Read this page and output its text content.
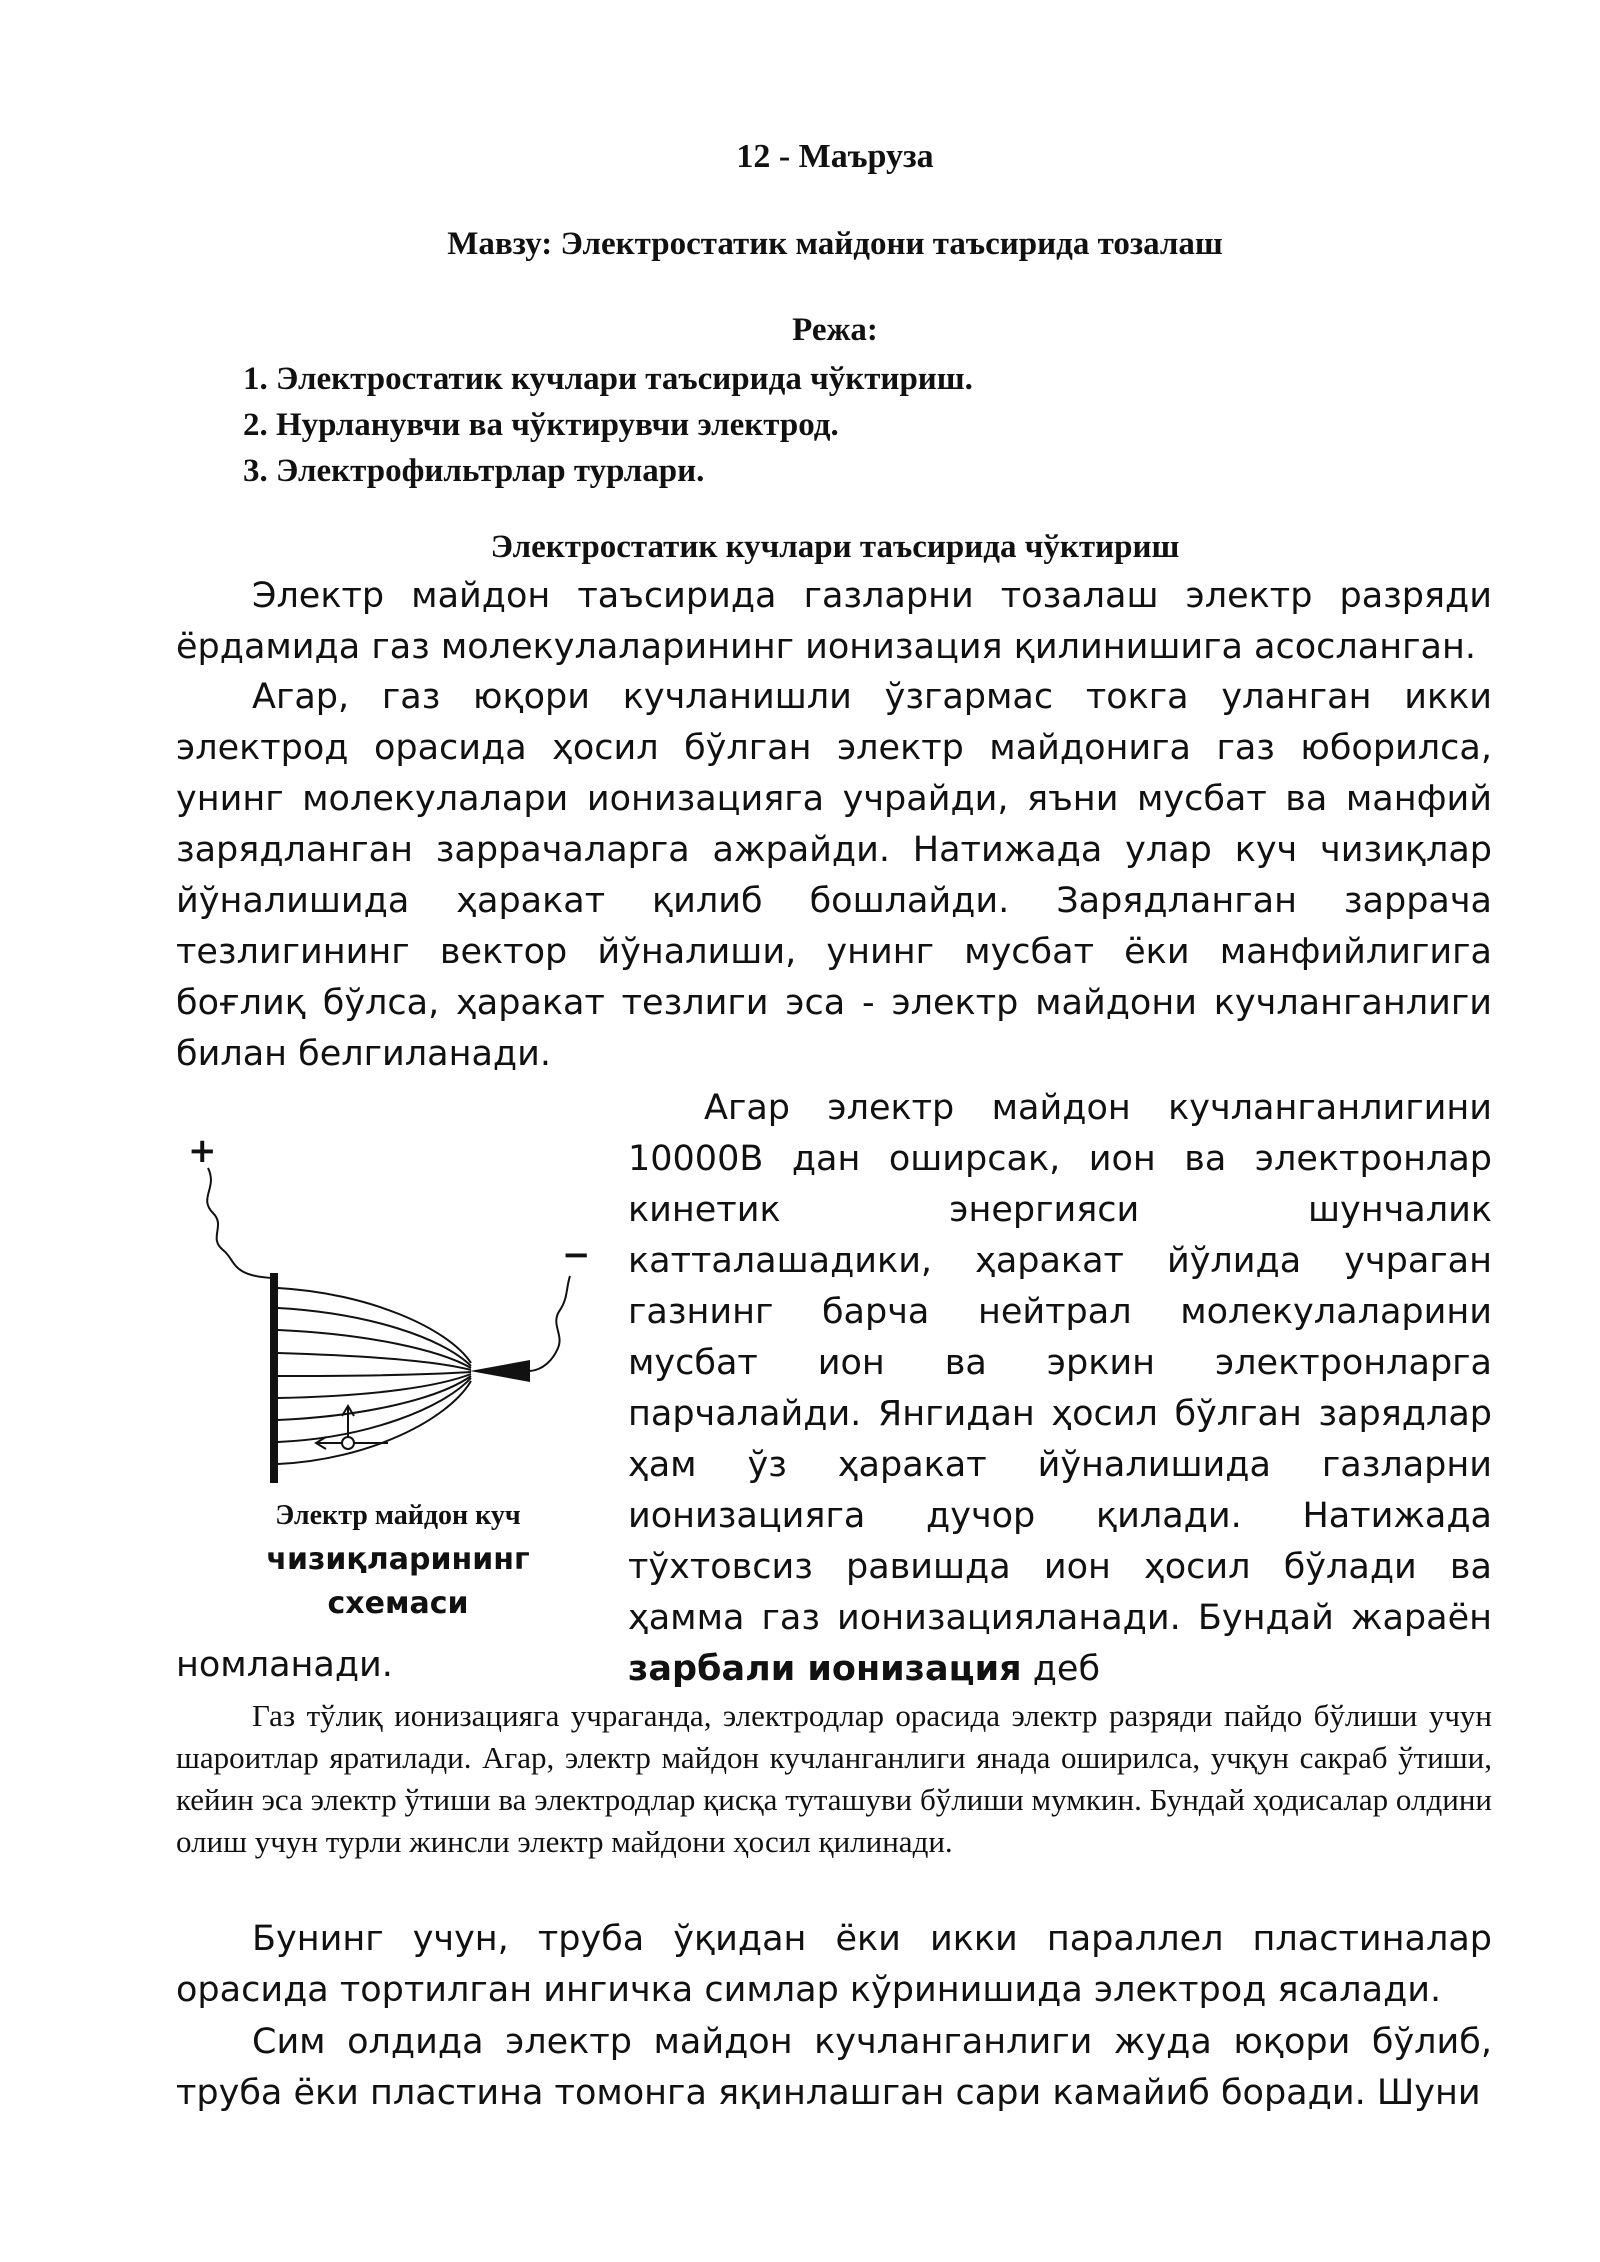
12 - Маъруза
Мавзу: Электростатик майдони таъсирида тозалаш
Режа:
1. Электростатик кучлари таъсирида чўктириш.
2. Нурланувчи ва чўктирувчи электрод.
3. Электрофильтрлар турлари.
Электростатик кучлари таъсирида чўктириш

Электр майдон таъсирида газларни тозалаш электр разряди ёрдамида газ молекулаларининг ионизация қилинишига асосланган.

Агар, газ юқори кучланишли ўзгармас токга уланган икки электрод орасида ҳосил бўлган электр майдонига газ юборилса, унинг молекулалари ионизацияга учрайди, яъни мусбат ва манфий зарядланган заррачаларга ажрайди. Натижада улар куч чизиқлар йўналишида ҳаракат қилиб бошлайди. Зарядланган заррача тезлигининг вектор йўналиши, унинг мусбат ёки манфийлигига боғлиқ бўлса, ҳаракат тезлиги эса - электр майдони кучланганлиги билан белгиланади.

+
−
Электр майдон куч
чизиқларининг
схемаси

Агар электр майдон кучланганлигини 10000В дан оширсак, ион ва электронлар кинетик энергияси шунчалик катталашадики, ҳаракат йўлида учраган газнинг барча нейтрал молекулаларини мусбат ион ва эркин электронларга парчалайди. Янгидан ҳосил бўлган зарядлар ҳам ўз ҳаракат йўналишида газларни ионизацияга дучор қилади. Натижада тўхтовсиз равишда ион ҳосил бўлади ва ҳамма газ ионизацияланади. Бундай жараён зарбали ионизация деб

номланади.

Газ тўлиқ ионизацияга учраганда, электродлар орасида электр разряди пайдо бўлиши учун шароитлар яратилади. Агар, электр майдон кучланганлиги янада оширилса, учқун сакраб ўтиши, кейин эса электр ўтиши ва электродлар қисқа туташуви бўлиши мумкин. Бундай ҳодисалар олдини олиш учун турли жинсли электр майдони ҳосил қилинади.

Бунинг учун, труба ўқидан ёки икки параллел пластиналар орасида тортилган ингичка симлар кўринишида электрод ясалади.

Сим олдида электр майдон кучланганлиги жуда юқори бўлиб, труба ёки пластина томонга яқинлашган сари камайиб боради. Шуни
